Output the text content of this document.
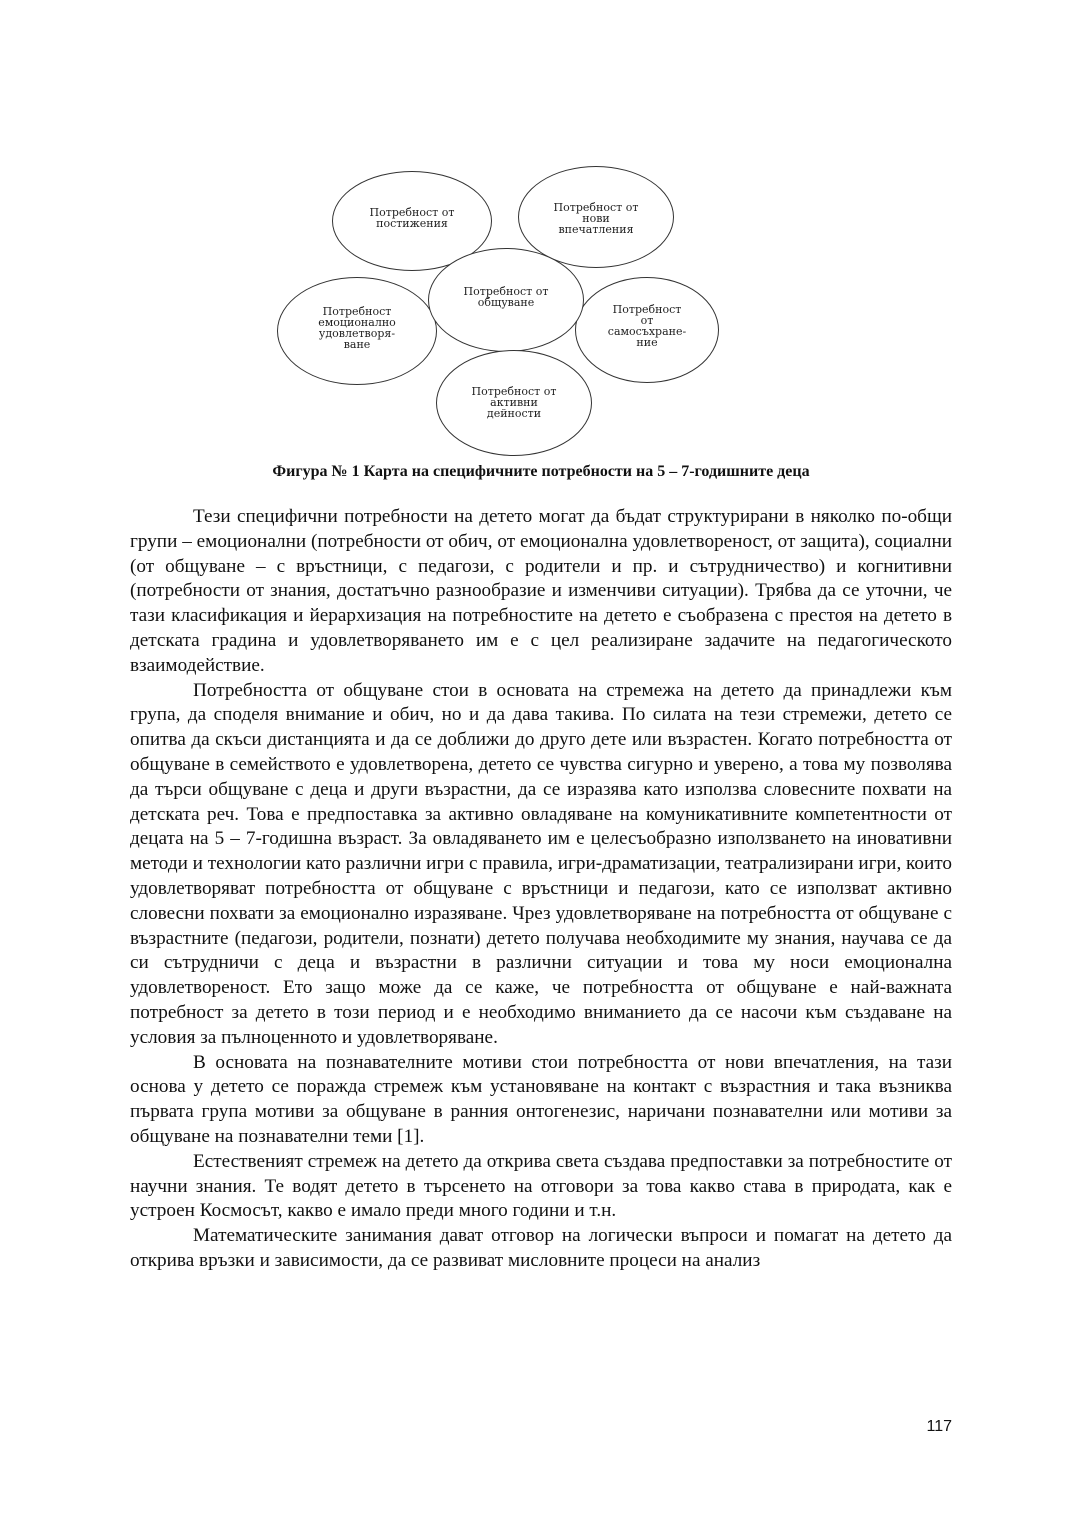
Потребност от
постижения
Потребност от
нови
впечатления
Потребност от
общуване
Потребност
емоционално
удовлетворя-
ване
Потребност
от
самосъхране-
ние
Потребност от
активни
дейности
Фигура № 1 Карта на специфичните потребности на 5 – 7-годишните деца

Тези специфични потребности на детето могат да бъдат структурирани в няколко по-общи групи – емоционални (потребности от обич, от емоционална удовлетвореност, от защита), социални (от общуване – с връстници, с педагози, с родители и пр. и сътрудничество) и когнитивни (потребности от знания, достатъчно разнообразие и изменчиви ситуации). Трябва да се уточни, че тази класификация и йерархизация на потребностите на детето е съобразена с престоя на детето в детската градина и удовлетворяването им е с цел реализиране задачите на педагогическото взаимодействие.

Потребността от общуване стои в основата на стремежа на детето да принадлежи към група, да споделя внимание и обич, но и да дава такива. По силата на тези стремежи, детето се опитва да скъси дистанцията и да се доближи до друго дете или възрастен. Когато потребността от общуване в семейството е удовлетворена, детето се чувства сигурно и уверено, а това му позволява да търси общуване с деца и други възрастни, да се изразява като използва словесните похвати на детската реч. Това е предпоставка за активно овладяване на комуникативните компетентности от децата на 5 – 7-годишна възраст. За овладяването им е целесъобразно използването на иновативни методи и технологии като различни игри с правила, игри-драматизации, театрализирани игри, които удовлетворяват потребността от общуване с връстници и педагози, като се използват активно словесни похвати за емоционално изразяване. Чрез удовлетворяване на потребността от общуване с възрастните (педагози, родители, познати) детето получава необходимите му знания, научава се да си сътрудничи с деца и възрастни в различни ситуации и това му носи емоционална удовлетвореност. Ето защо може да се каже, че потребността от общуване е най-важната потребност за детето в този период и е необходимо вниманието да се насочи към създаване на условия за пълноценното и удовлетворяване.

В основата на познавателните мотиви стои потребността от нови впечатления, на тази основа у детето се поражда стремеж към установяване на контакт с възрастния и така възниква първата група мотиви за общуване в ранния онтогенезис, наричани познавателни или мотиви за общуване на познавателни теми [1].

Естественият стремеж на детето да открива света създава предпоставки за потребностите от научни знания. Те водят детето в търсенето на отговори за това какво става в природата, как е устроен Космосът, какво е имало преди много години и т.н.

Математическите занимания дават отговор на логически въпроси и помагат на детето да открива връзки и зависимости, да се развиват мисловните процеси на анализ

117
